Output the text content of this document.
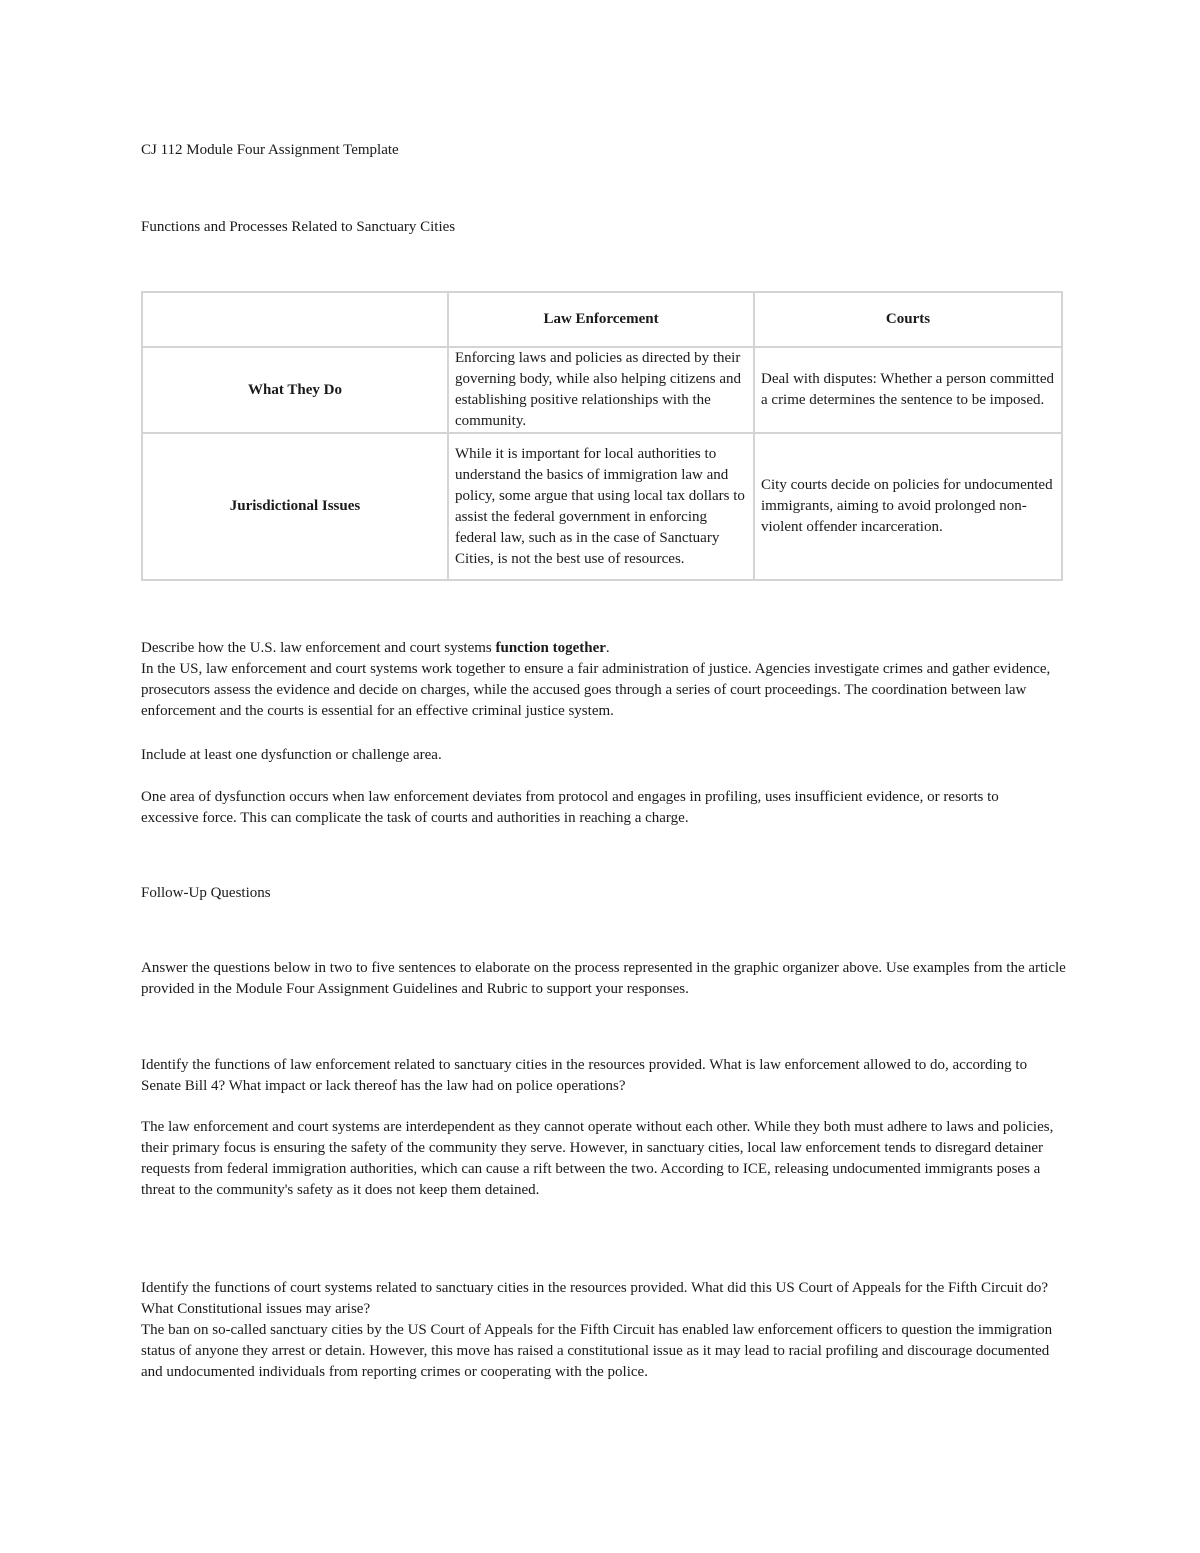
CJ 112 Module Four Assignment Template
Functions and Processes Related to Sanctuary Cities
	Law Enforcement	Courts
What They Do	Enforcing laws and policies as directed by their governing body, while also helping citizens and establishing positive relationships with the community.	Deal with disputes: Whether a person committed a crime determines the sentence to be imposed.
Jurisdictional Issues	While it is important for local authorities to understand the basics of immigration law and policy, some argue that using local tax dollars to assist the federal government in enforcing federal law, such as in the case of Sanctuary Cities, is not the best use of resources.	City courts decide on policies for undocumented immigrants, aiming to avoid prolonged non-violent offender incarceration.
Describe how the U.S. law enforcement and court systems function together.
In the US, law enforcement and court systems work together to ensure a fair administration of justice. Agencies investigate crimes and gather evidence, prosecutors assess the evidence and decide on charges, while the accused goes through a series of court proceedings. The coordination between law enforcement and the courts is essential for an effective criminal justice system.
Include at least one dysfunction or challenge area.
One area of dysfunction occurs when law enforcement deviates from protocol and engages in profiling, uses insufficient evidence, or resorts to excessive force. This can complicate the task of courts and authorities in reaching a charge.
Follow-Up Questions
Answer the questions below in two to five sentences to elaborate on the process represented in the graphic organizer above. Use examples from the article provided in the Module Four Assignment Guidelines and Rubric to support your responses.
Identify the functions of law enforcement related to sanctuary cities in the resources provided. What is law enforcement allowed to do, according to Senate Bill 4? What impact or lack thereof has the law had on police operations?
The law enforcement and court systems are interdependent as they cannot operate without each other. While they both must adhere to laws and policies, their primary focus is ensuring the safety of the community they serve. However, in sanctuary cities, local law enforcement tends to disregard detainer requests from federal immigration authorities, which can cause a rift between the two. According to ICE, releasing undocumented immigrants poses a threat to the community's safety as it does not keep them detained.
Identify the functions of court systems related to sanctuary cities in the resources provided. What did this US Court of Appeals for the Fifth Circuit do? What Constitutional issues may arise?
The ban on so-called sanctuary cities by the US Court of Appeals for the Fifth Circuit has enabled law enforcement officers to question the immigration status of anyone they arrest or detain. However, this move has raised a constitutional issue as it may lead to racial profiling and discourage documented and undocumented individuals from reporting crimes or cooperating with the police.
